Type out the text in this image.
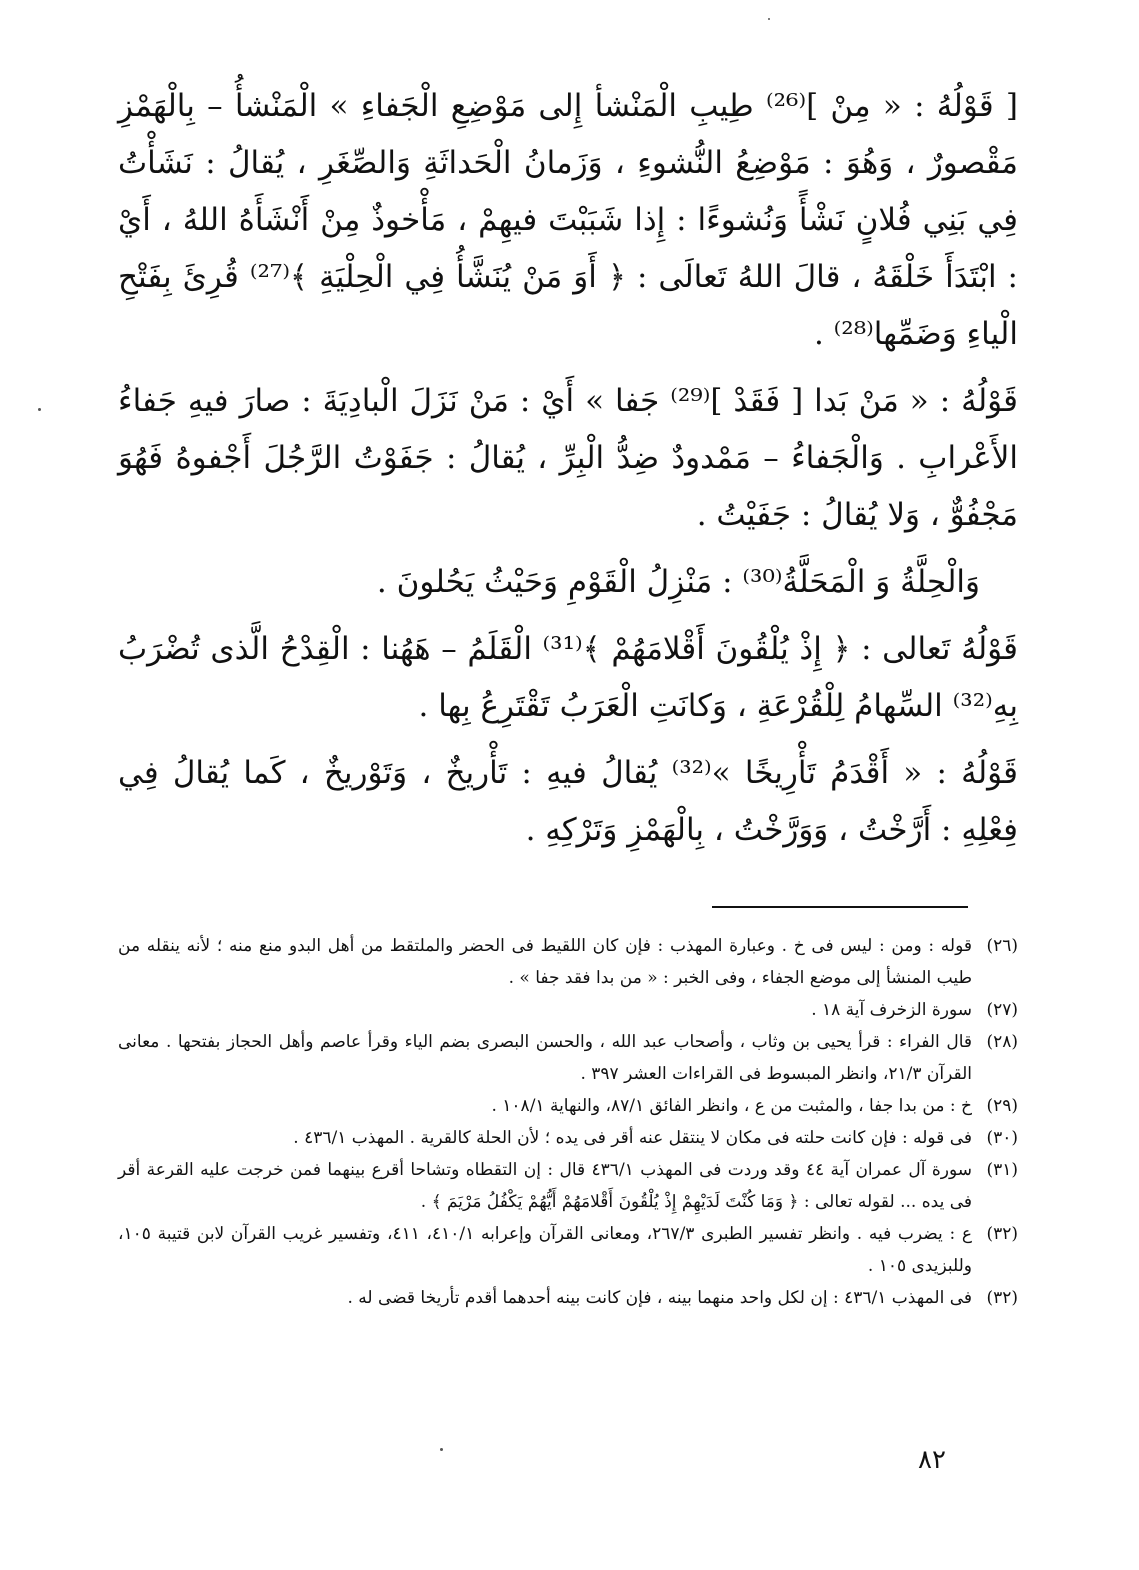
[ قَوْلُهُ : « مِنْ ]⁽²⁶⁾ طِيبِ الْمَنْشأ إِلى مَوْضِعِ الْجَفاءِ » الْمَنْشأُ – بِالْهَمْزِ مَقْصورٌ ، وَهُوَ : مَوْضِعُ النُّشوءِ ، وَزَمانُ الْحَداثَةِ وَالصِّغَرِ ، يُقالُ : نَشَأْتُ فِي بَنِي فُلانٍ نَشْأً وَنُشوءًا : إِذا شَبَبْتَ فيهِمْ ، مَأْخوذٌ مِنْ أَنْشَأَهُ اللهُ ، أَيْ : ابْتَدَأَ خَلْقَهُ ، قالَ اللهُ تَعالَى : ﴿ أَوَ مَنْ يُنَشَّأُ فِي الْحِلْيَةِ ﴾⁽²⁷⁾ قُرِئَ بِفَتْحِ الْياءِ وَضَمِّها⁽²⁸⁾ .

قَوْلُهُ : « مَنْ بَدا [ فَقَدْ ]⁽²⁹⁾ جَفا » أَيْ : مَنْ نَزَلَ الْبادِيَةَ : صارَ فيهِ جَفاءُ الأَعْرابِ . وَالْجَفاءُ – مَمْدودٌ ضِدُّ الْبِرِّ ، يُقالُ : جَفَوْتُ الرَّجُلَ أَجْفوهُ فَهُوَ مَجْفُوٌّ ، وَلا يُقالُ : جَفَيْتُ .

وَالْحِلَّةُ وَ الْمَحَلَّةُ⁽³⁰⁾ : مَنْزِلُ الْقَوْمِ وَحَيْثُ يَحُلونَ .

قَوْلُهُ تَعالى : ﴿ إِذْ يُلْقُونَ أَقْلامَهُمْ ﴾⁽³¹⁾ الْقَلَمُ – هَهُنا : الْقِدْحُ الَّذى تُضْرَبُ بِهِ⁽³²⁾ السِّهامُ لِلْقُرْعَةِ ، وَكانَتِ الْعَرَبُ تَقْتَرِعُ بِها .

قَوْلُهُ : « أَقْدَمُ تَأْرِيخًا »⁽³²⁾ يُقالُ فيهِ : تَأْريخٌ ، وَتَوْريخٌ ، كَما يُقالُ فِي فِعْلِهِ : أَرَّخْتُ ، وَوَرَّخْتُ ، بِالْهَمْزِ وَتَرْكِهِ .

(٢٦)
قوله : ومن : ليس فى خ . وعبارة المهذب : فإن كان اللقيط فى الحضر والملتقط من أهل البدو منع منه ؛ لأنه ينقله من طيب المنشأ إلى موضع الجفاء ، وفى الخبر : « من بدا فقد جفا » .
(٢٧)
سورة الزخرف آية ١٨ .
(٢٨)
قال الفراء : قرأ يحيى بن وثاب ، وأصحاب عبد الله ، والحسن البصرى بضم الياء وقرأ عاصم وأهل الحجاز بفتحها . معانى القرآن ٢١/٣، وانظر المبسوط فى القراءات العشر ٣٩٧ .
(٢٩)
خ : من بدا جفا ، والمثبت من ع ، وانظر الفائق ٨٧/١، والنهاية ١٠٨/١ .
(٣٠)
فى قوله : فإن كانت حلته فى مكان لا ينتقل عنه أقر فى يده ؛ لأن الحلة كالقرية . المهذب ٤٣٦/١ .
(٣١)
سورة آل عمران آية ٤٤ وقد وردت فى المهذب ٤٣٦/١ قال : إن التقطاه وتشاحا أقرع بينهما فمن خرجت عليه القرعة أقر فى يده ... لقوله تعالى : ﴿ وَمَا كُنْتَ لَدَيْهِمْ إِذْ يُلْقُونَ أَقْلامَهُمْ أَيُّهُمْ يَكْفُلُ مَرْيَمَ ﴾ .
(٣٢)
ع : يضرب فيه . وانظر تفسير الطبرى ٢٦٧/٣، ومعانى القرآن وإعرابه ٤١٠/١، ٤١١، وتفسير غريب القرآن لابن قتيبة ١٠٥، وللبزيدى ١٠٥ .
(٣٢)
فى المهذب ٤٣٦/١ : إن لكل واحد منهما بينه ، فإن كانت بينه أحدهما أقدم تأريخا قضى له .
٨٢
